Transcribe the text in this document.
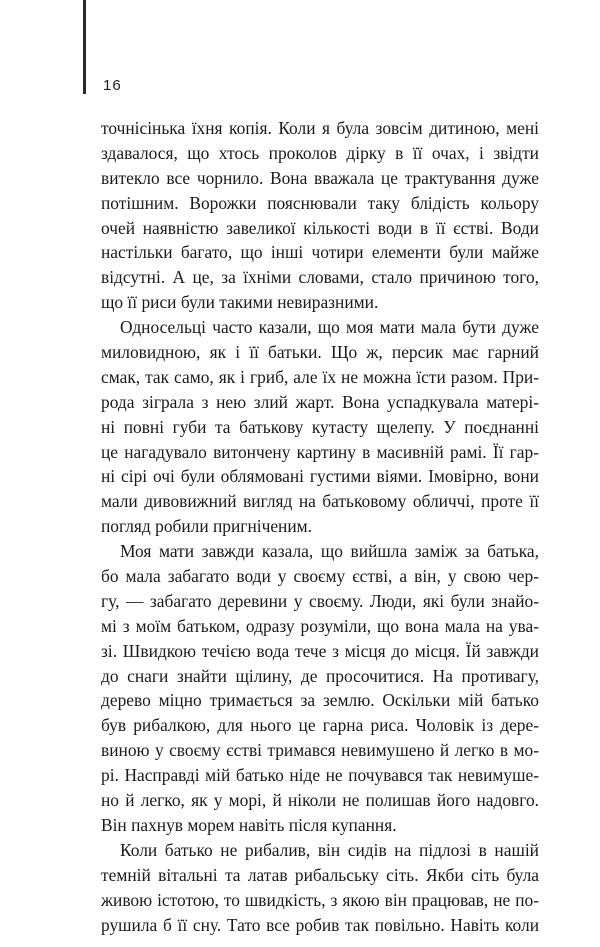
16

точнісінька їхня копія. Коли я була зовсім дитиною, мені
здавалося, що хтось проколов дірку в її очах, і звідти
витекло все чорнило. Вона вважала це трактування дуже
потішним. Ворожки пояснювали таку блідість кольору
очей наявністю завеликої кількості води в її єстві. Води
настільки багато, що інші чотири елементи були майже
відсутні. А це, за їхніми словами, стало причиною того,
що її риси були такими невиразними.
Односельці часто казали, що моя мати мала бути дуже
миловидною, як і її батьки. Що ж, персик має гарний
смак, так само, як і гриб, але їх не можна їсти разом. При-
рода зіграла з нею злий жарт. Вона успадкувала матері-
ні повні губи та батькову кутасту щелепу. У поєднанні
це нагадувало витончену картину в масивній рамі. Її гар-
ні сірі очі були облямовані густими віями. Імовірно, вони
мали дивовижний вигляд на батьковому обличчі, проте її
погляд робили пригніченим.
Моя мати завжди казала, що вийшла заміж за батька,
бо мала забагато води у своєму єстві, а він, у свою чер-
гу, — забагато деревини у своєму. Люди, які були знайо-
мі з моїм батьком, одразу розуміли, що вона мала на ува-
зі. Швидкою течією вода тече з місця до місця. Їй завжди
до снаги знайти щілину, де просочитися. На противагу,
дерево міцно тримається за землю. Оскільки мій батько
був рибалкою, для нього це гарна риса. Чоловік із дере-
виною у своєму єстві тримався невимушено й легко в мо-
рі. Насправді мій батько ніде не почувався так невимуше-
но й легко, як у морі, й ніколи не полишав його надовго.
Він пахнув морем навіть після купання.
Коли батько не рибалив, він сидів на підлозі в нашій
темній вітальні та латав рибальську сіть. Якби сіть була
живою істотою, то швидкість, з якою він працював, не по-
рушила б її сну. Тато все робив так повільно. Навіть коли
